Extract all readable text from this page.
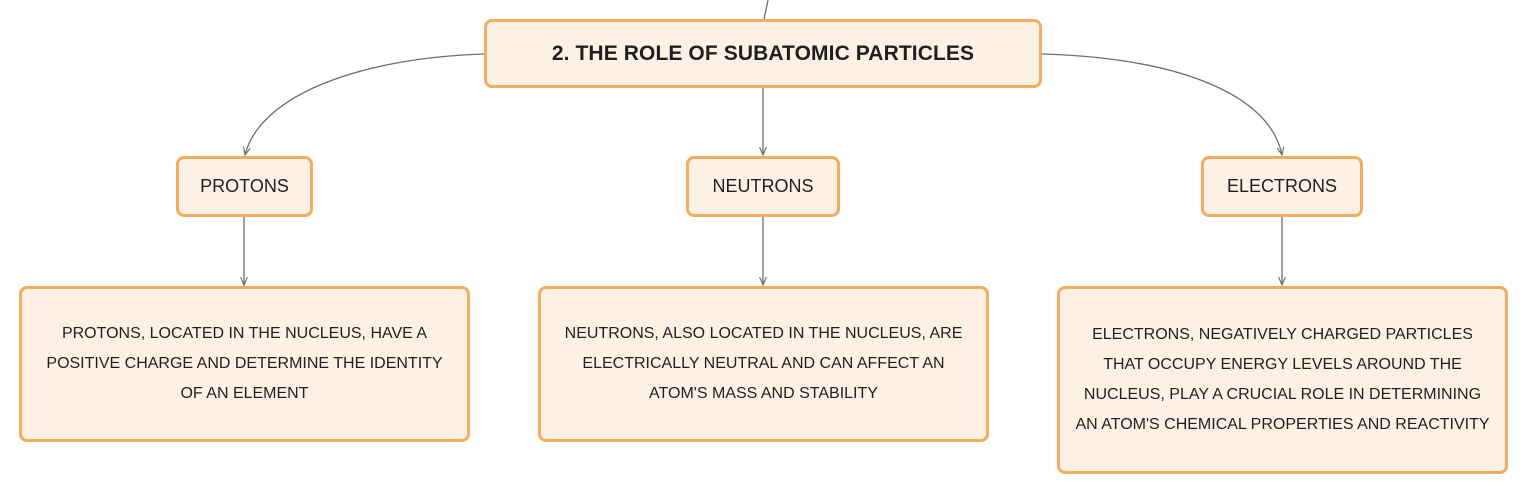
2. THE ROLE OF SUBATOMIC PARTICLES
PROTONS	NEUTRONS	ELECTRONS
PROTONS, LOCATED IN THE NUCLEUS, HAVE A POSITIVE CHARGE AND DETERMINE THE IDENTITY OF AN ELEMENT
NEUTRONS, ALSO LOCATED IN THE NUCLEUS, ARE ELECTRICALLY NEUTRAL AND CAN AFFECT AN ATOM'S MASS AND STABILITY
ELECTRONS, NEGATIVELY CHARGED PARTICLES THAT OCCUPY ENERGY LEVELS AROUND THE NUCLEUS, PLAY A CRUCIAL ROLE IN DETERMINING AN ATOM'S CHEMICAL PROPERTIES AND REACTIVITY
